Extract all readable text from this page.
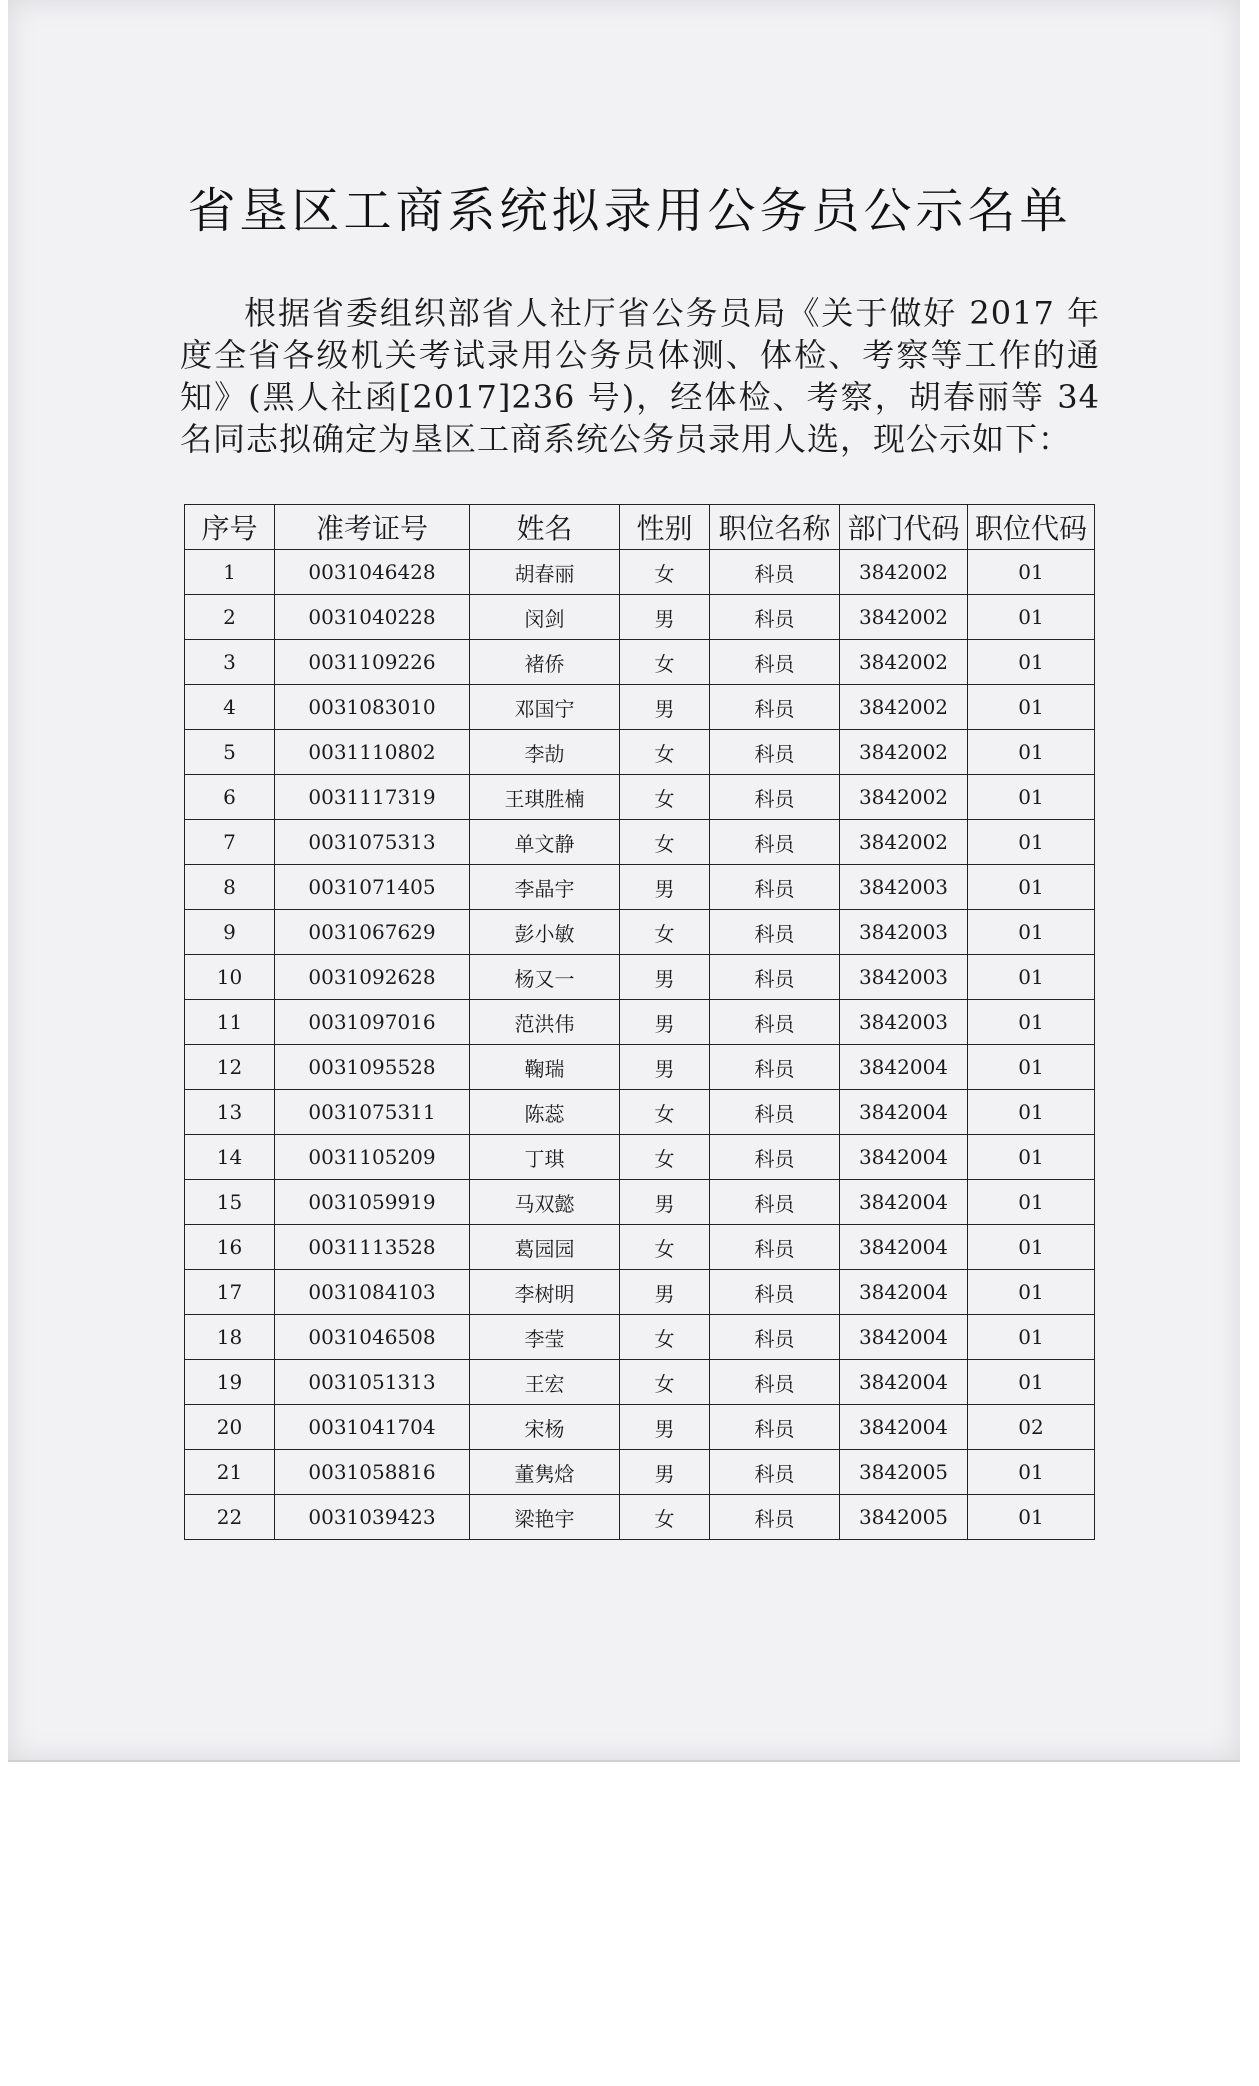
省垦区工商系统拟录用公务员公示名单
根据省委组织部省人社厅省公务员局《关于做好 2017 年度全省各级机关考试录用公务员体测、体检、考察等工作的通知》(黑人社函[2017]236 号)，经体检、考察，胡春丽等 34 名同志拟确定为垦区工商系统公务员录用人选，现公示如下：
序号	准考证号	姓名	性别	职位名称	部门代码	职位代码
1	0031046428	胡春丽	女	科员	3842002	01
2	0031040228	闵剑	男	科员	3842002	01
3	0031109226	褚侨	女	科员	3842002	01
4	0031083010	邓国宁	男	科员	3842002	01
5	0031110802	李劼	女	科员	3842002	01
6	0031117319	王琪胜楠	女	科员	3842002	01
7	0031075313	单文静	女	科员	3842002	01
8	0031071405	李晶宇	男	科员	3842003	01
9	0031067629	彭小敏	女	科员	3842003	01
10	0031092628	杨又一	男	科员	3842003	01
11	0031097016	范洪伟	男	科员	3842003	01
12	0031095528	鞠瑞	男	科员	3842004	01
13	0031075311	陈蕊	女	科员	3842004	01
14	0031105209	丁琪	女	科员	3842004	01
15	0031059919	马双懿	男	科员	3842004	01
16	0031113528	葛园园	女	科员	3842004	01
17	0031084103	李树明	男	科员	3842004	01
18	0031046508	李莹	女	科员	3842004	01
19	0031051313	王宏	女	科员	3842004	01
20	0031041704	宋杨	男	科员	3842004	02
21	0031058816	董隽焓	男	科员	3842005	01
22	0031039423	梁艳宇	女	科员	3842005	01
